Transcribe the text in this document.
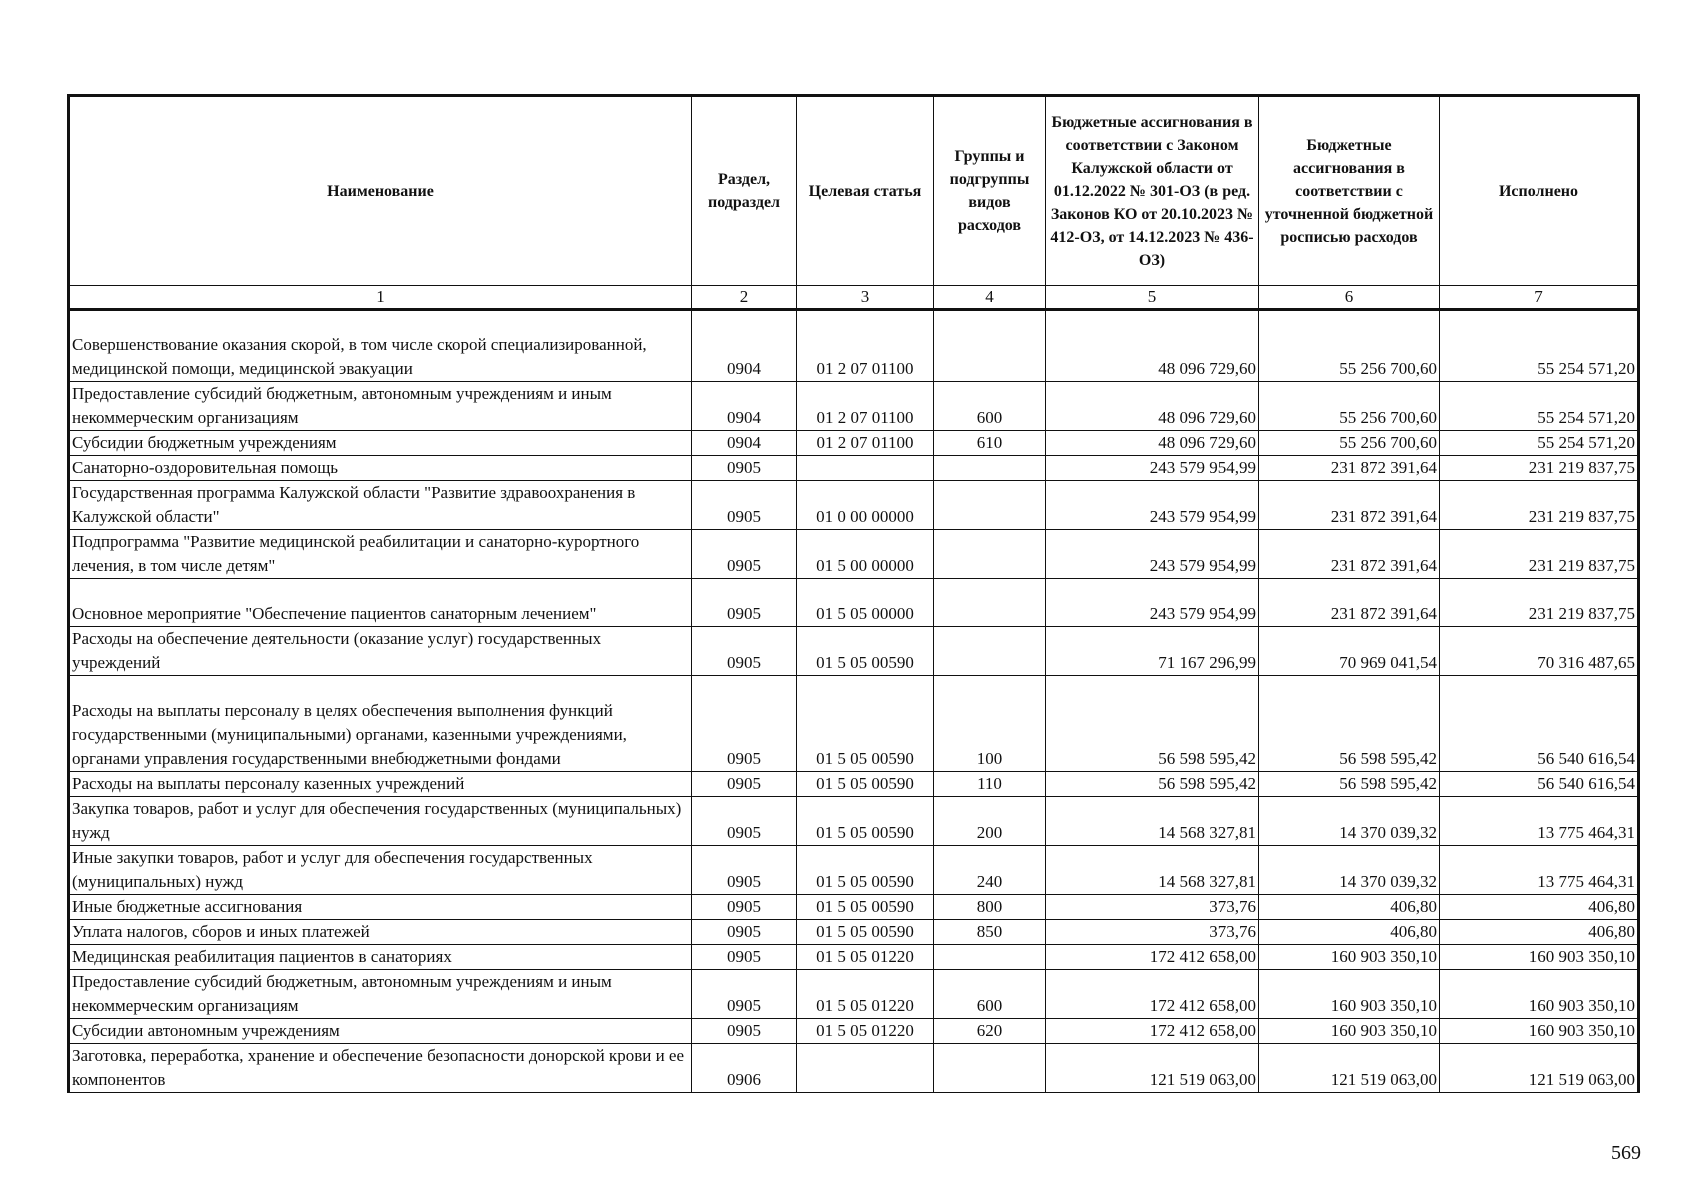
Наименование	Раздел, подраздел	Целевая статья	Группы и подгруппы видов расходов	Бюджетные ассигнования в соответствии с Законом Калужской области от 01.12.2022 № 301-ОЗ (в ред. Законов КО от 20.10.2023 № 412-ОЗ, от 14.12.2023 № 436-ОЗ)	Бюджетные ассигнования в соответствии с уточненной бюджетной росписью расходов	Исполнено
1	2	3	4	5	6	7
Совершенствование оказания скорой, в том числе скорой специализированной, медицинской помощи, медицинской эвакуации	0904	01 2 07 01100		48 096 729,60	55 256 700,60	55 254 571,20
Предоставление субсидий бюджетным, автономным учреждениям и иным некоммерческим организациям	0904	01 2 07 01100	600	48 096 729,60	55 256 700,60	55 254 571,20
Субсидии бюджетным учреждениям	0904	01 2 07 01100	610	48 096 729,60	55 256 700,60	55 254 571,20
Санаторно-оздоровительная помощь	0905			243 579 954,99	231 872 391,64	231 219 837,75
Государственная программа Калужской области "Развитие здравоохранения в Калужской области"	0905	01 0 00 00000		243 579 954,99	231 872 391,64	231 219 837,75
Подпрограмма "Развитие медицинской реабилитации и санаторно-курортного лечения, в том числе детям"	0905	01 5 00 00000		243 579 954,99	231 872 391,64	231 219 837,75
Основное мероприятие "Обеспечение пациентов санаторным лечением"	0905	01 5 05 00000		243 579 954,99	231 872 391,64	231 219 837,75
Расходы на обеспечение деятельности (оказание услуг) государственных учреждений	0905	01 5 05 00590		71 167 296,99	70 969 041,54	70 316 487,65
Расходы на выплаты персоналу в целях обеспечения выполнения функций государственными (муниципальными) органами, казенными учреждениями, органами управления государственными внебюджетными фондами	0905	01 5 05 00590	100	56 598 595,42	56 598 595,42	56 540 616,54
Расходы на выплаты персоналу казенных учреждений	0905	01 5 05 00590	110	56 598 595,42	56 598 595,42	56 540 616,54
Закупка товаров, работ и услуг для обеспечения государственных (муниципальных) нужд	0905	01 5 05 00590	200	14 568 327,81	14 370 039,32	13 775 464,31
Иные закупки товаров, работ и услуг для обеспечения государственных (муниципальных) нужд	0905	01 5 05 00590	240	14 568 327,81	14 370 039,32	13 775 464,31
Иные бюджетные ассигнования	0905	01 5 05 00590	800	373,76	406,80	406,80
Уплата налогов, сборов и иных платежей	0905	01 5 05 00590	850	373,76	406,80	406,80
Медицинская реабилитация пациентов в санаториях	0905	01 5 05 01220		172 412 658,00	160 903 350,10	160 903 350,10
Предоставление субсидий бюджетным, автономным учреждениям и иным некоммерческим организациям	0905	01 5 05 01220	600	172 412 658,00	160 903 350,10	160 903 350,10
Субсидии автономным учреждениям	0905	01 5 05 01220	620	172 412 658,00	160 903 350,10	160 903 350,10
Заготовка, переработка, хранение и обеспечение безопасности донорской крови и ее компонентов	0906			121 519 063,00	121 519 063,00	121 519 063,00
569
